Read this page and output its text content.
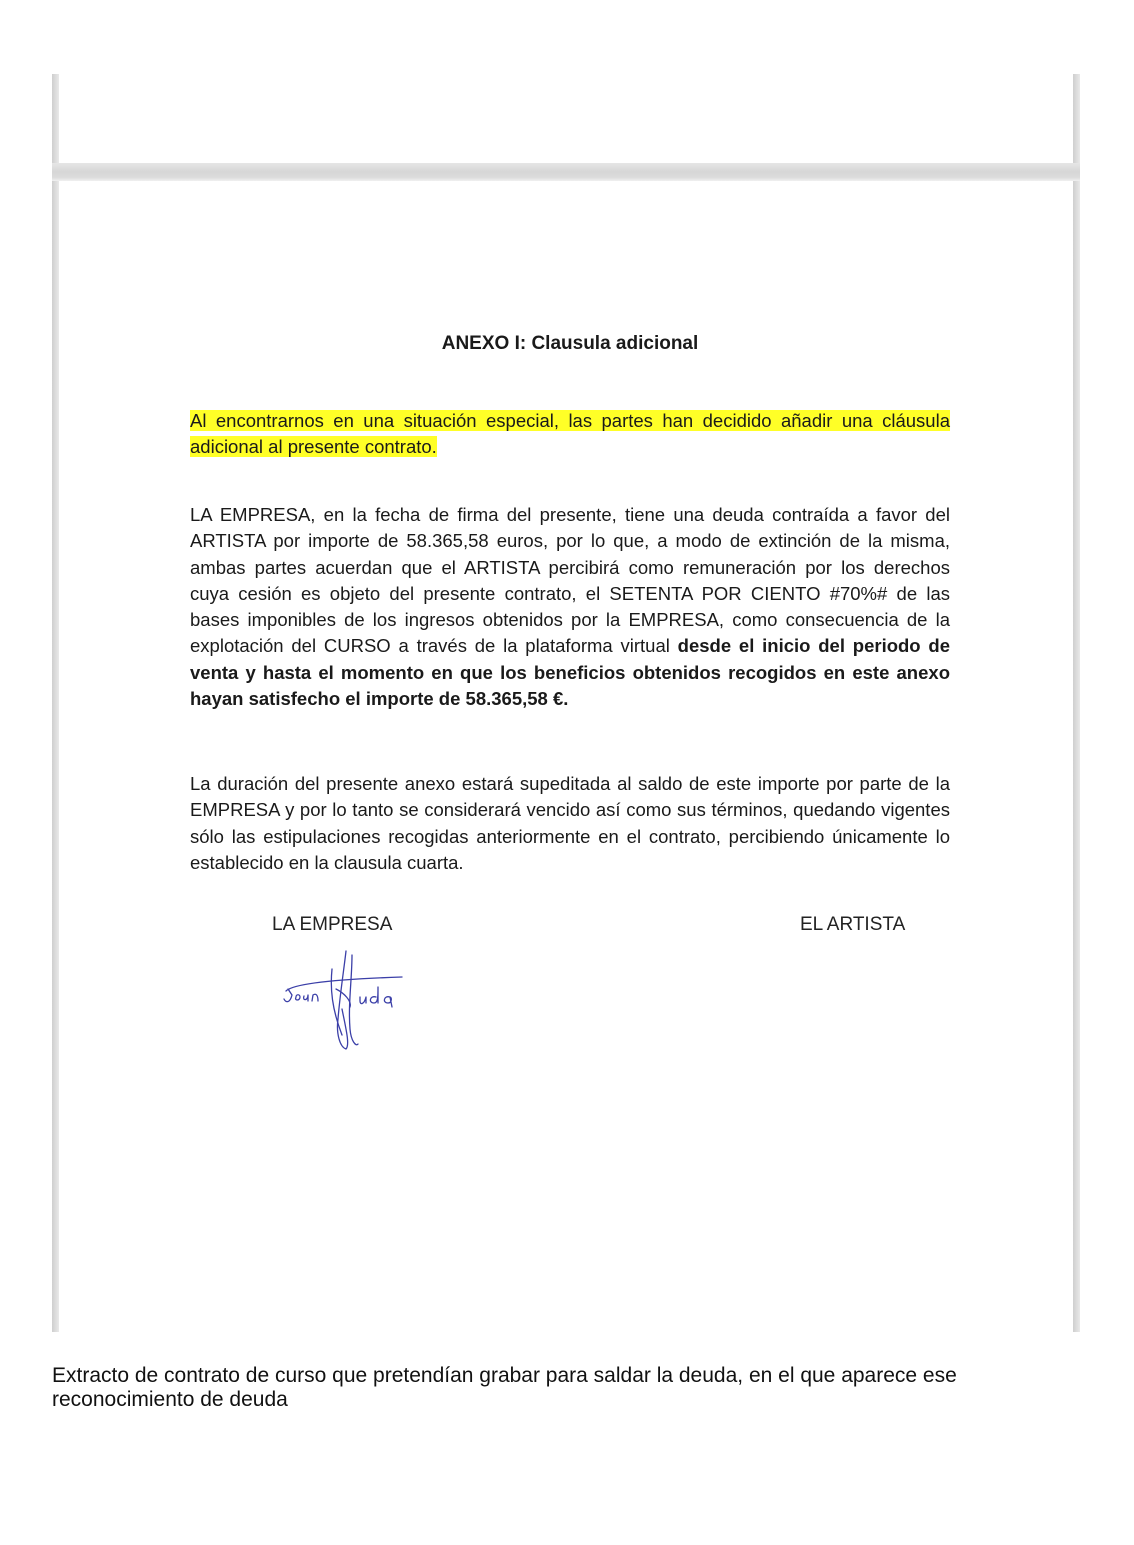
ANEXO I: Clausula adicional
Al encontrarnos en una situación especial, las partes han decidido añadir una cláusula adicional al presente contrato.
LA EMPRESA, en la fecha de firma del presente, tiene una deuda contraída a favor del ARTISTA por importe de 58.365,58 euros, por lo que, a modo de extinción de la misma, ambas partes acuerdan que el ARTISTA percibirá como remuneración por los derechos cuya cesión es objeto del presente contrato, el SETENTA POR CIENTO #70%# de las bases imponibles de los ingresos obtenidos por la EMPRESA, como consecuencia de la explotación del CURSO a través de la plataforma virtual desde el inicio del periodo de venta y hasta el momento en que los beneficios obtenidos recogidos en este anexo hayan satisfecho el importe de 58.365,58 €.
La duración del presente anexo estará supeditada al saldo de este importe por parte de la EMPRESA y por lo tanto se considerará vencido así como sus términos, quedando vigentes sólo las estipulaciones recogidas anteriormente en el contrato, percibiendo únicamente lo establecido en la clausula cuarta.
LA EMPRESA	EL ARTISTA
Extracto de contrato de curso que pretendían grabar para saldar la deuda, en el que aparece ese reconocimiento de deuda
